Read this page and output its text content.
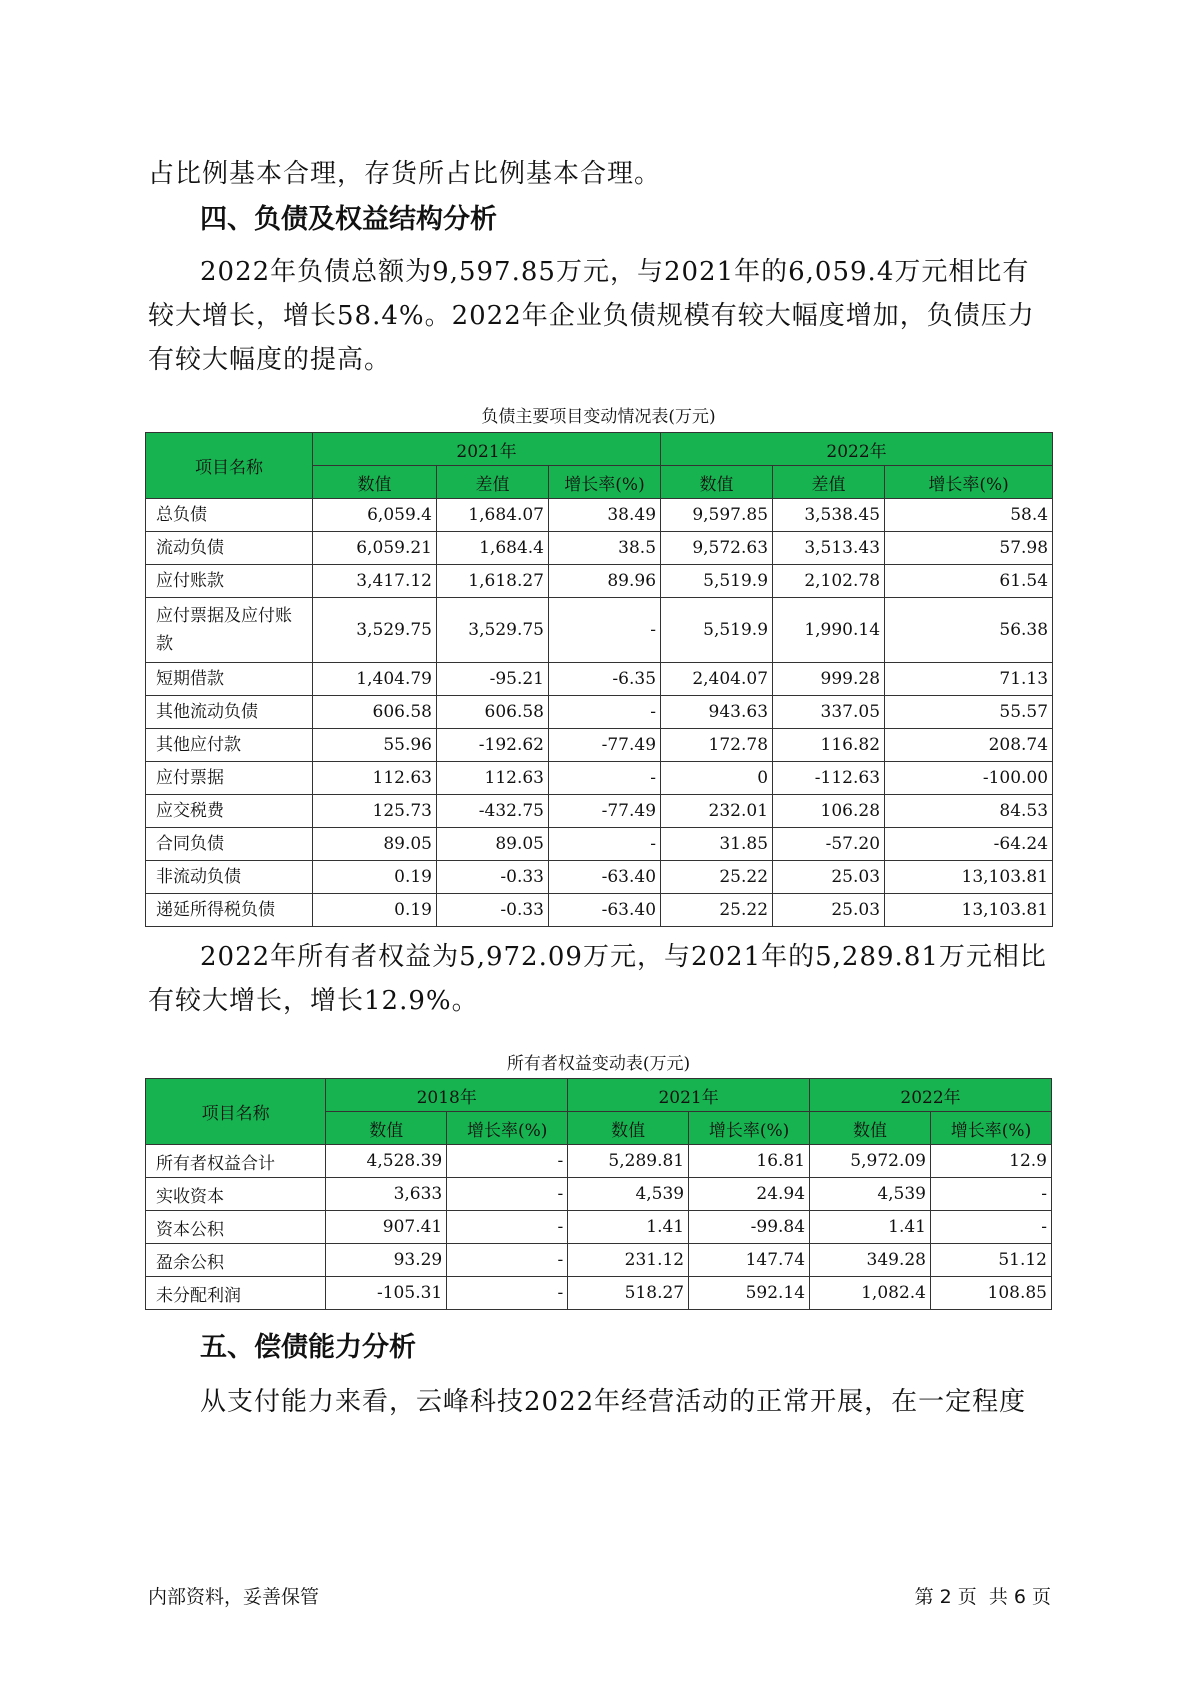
占比例基本合理，存货所占比例基本合理。

四、负债及权益结构分析

2022年负债总额为9,597.85万元，与2021年的6,059.4万元相比有较大增长，增长58.4%。2022年企业负债规模有较大幅度增加，负债压力有较大幅度的提高。

负债主要项目变动情况表(万元)
项目名称	2021年			2022年		
	数值	差值	增长率(%)	数值	差值	增长率(%)
总负债	6,059.4	1,684.07	38.49	9,597.85	3,538.45	58.4
流动负债	6,059.21	1,684.4	38.5	9,572.63	3,513.43	57.98
应付账款	3,417.12	1,618.27	89.96	5,519.9	2,102.78	61.54
应付票据及应付账款	3,529.75	3,529.75	-	5,519.9	1,990.14	56.38
短期借款	1,404.79	-95.21	-6.35	2,404.07	999.28	71.13
其他流动负债	606.58	606.58	-	943.63	337.05	55.57
其他应付款	55.96	-192.62	-77.49	172.78	116.82	208.74
应付票据	112.63	112.63	-	0	-112.63	-100.00
应交税费	125.73	-432.75	-77.49	232.01	106.28	84.53
合同负债	89.05	89.05	-	31.85	-57.20	-64.24
非流动负债	0.19	-0.33	-63.40	25.22	25.03	13,103.81
递延所得税负债	0.19	-0.33	-63.40	25.22	25.03	13,103.81

2022年所有者权益为5,972.09万元，与2021年的5,289.81万元相比有较大增长，增长12.9%。

所有者权益变动表(万元)
项目名称	2018年		2021年		2022年	
	数值	增长率(%)	数值	增长率(%)	数值	增长率(%)
所有者权益合计	4,528.39	-	5,289.81	16.81	5,972.09	12.9
实收资本	3,633	-	4,539	24.94	4,539	-
资本公积	907.41	-	1.41	-99.84	1.41	-
盈余公积	93.29	-	231.12	147.74	349.28	51.12
未分配利润	-105.31	-	518.27	592.14	1,082.4	108.85
五、偿债能力分析

从支付能力来看，云峰科技2022年经营活动的正常开展，在一定程度

内部资料，妥善保管	第 2 页  共 6 页
